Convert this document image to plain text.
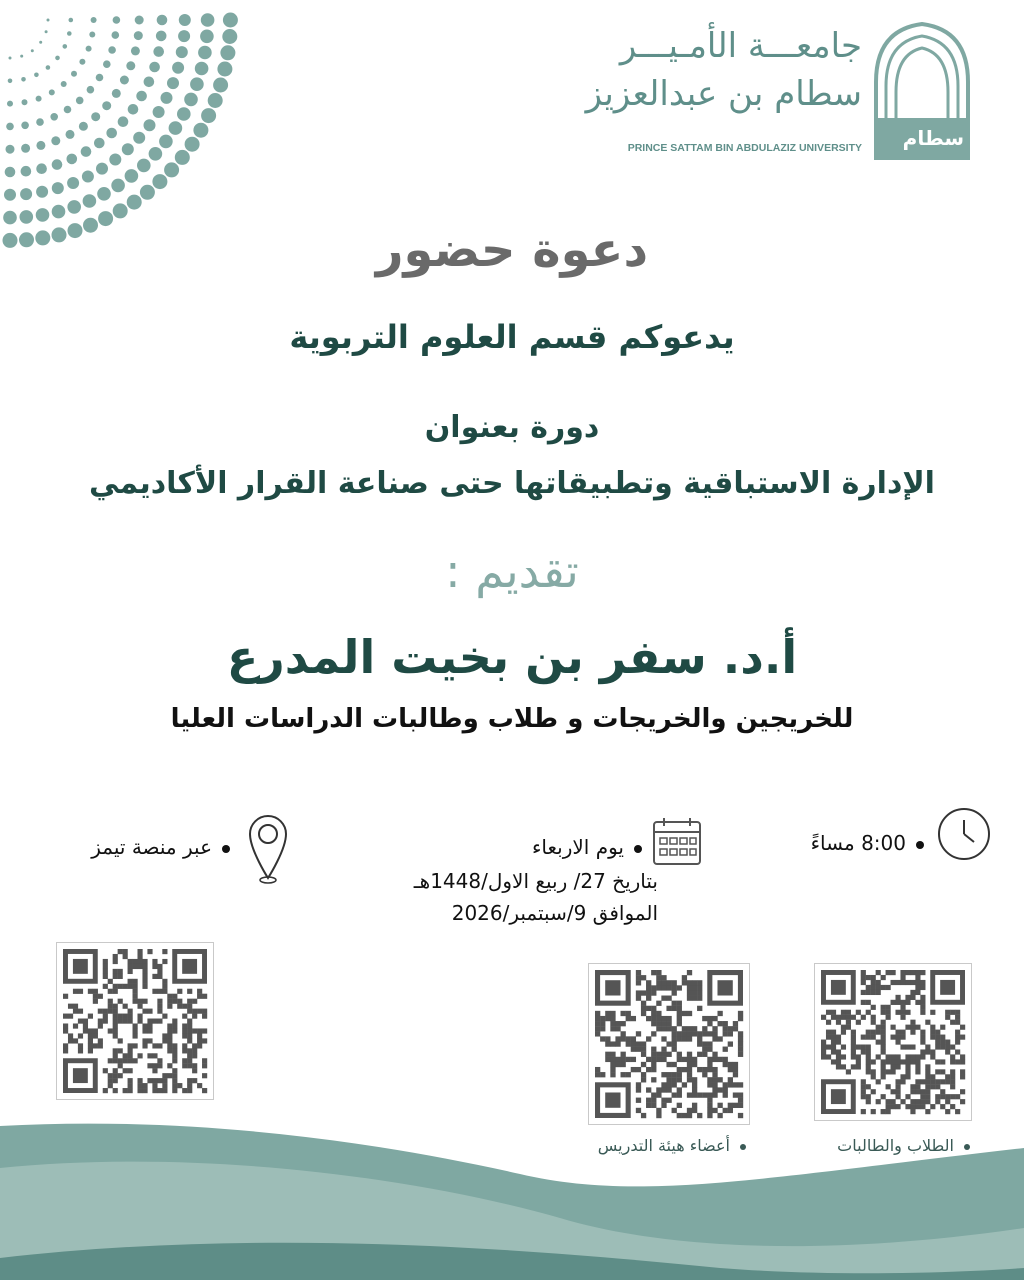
جامعـــة الأمـيـــر
سطام بن عبدالعزيز
PRINCE SATTAM BIN ABDULAZIZ UNIVERSITY سطام
دعوة حضور
يدعوكم قسم العلوم التربوية
دورة بعنوان
الإدارة الاستباقية وتطبيقاتها حتى صناعة القرار الأكاديمي
تقديم :
أ.د. سفر بن بخيت المدرع
للخريجين والخريجات و طلاب وطالبات الدراسات العليا
8:00 مساءً
يوم الاربعاء
بتاريخ 27/ ربيع الاول/1448هـ
الموافق 9/سبتمبر/2026
عبر منصة تيمز
الطلاب والطالبات
أعضاء هيئة التدريس
